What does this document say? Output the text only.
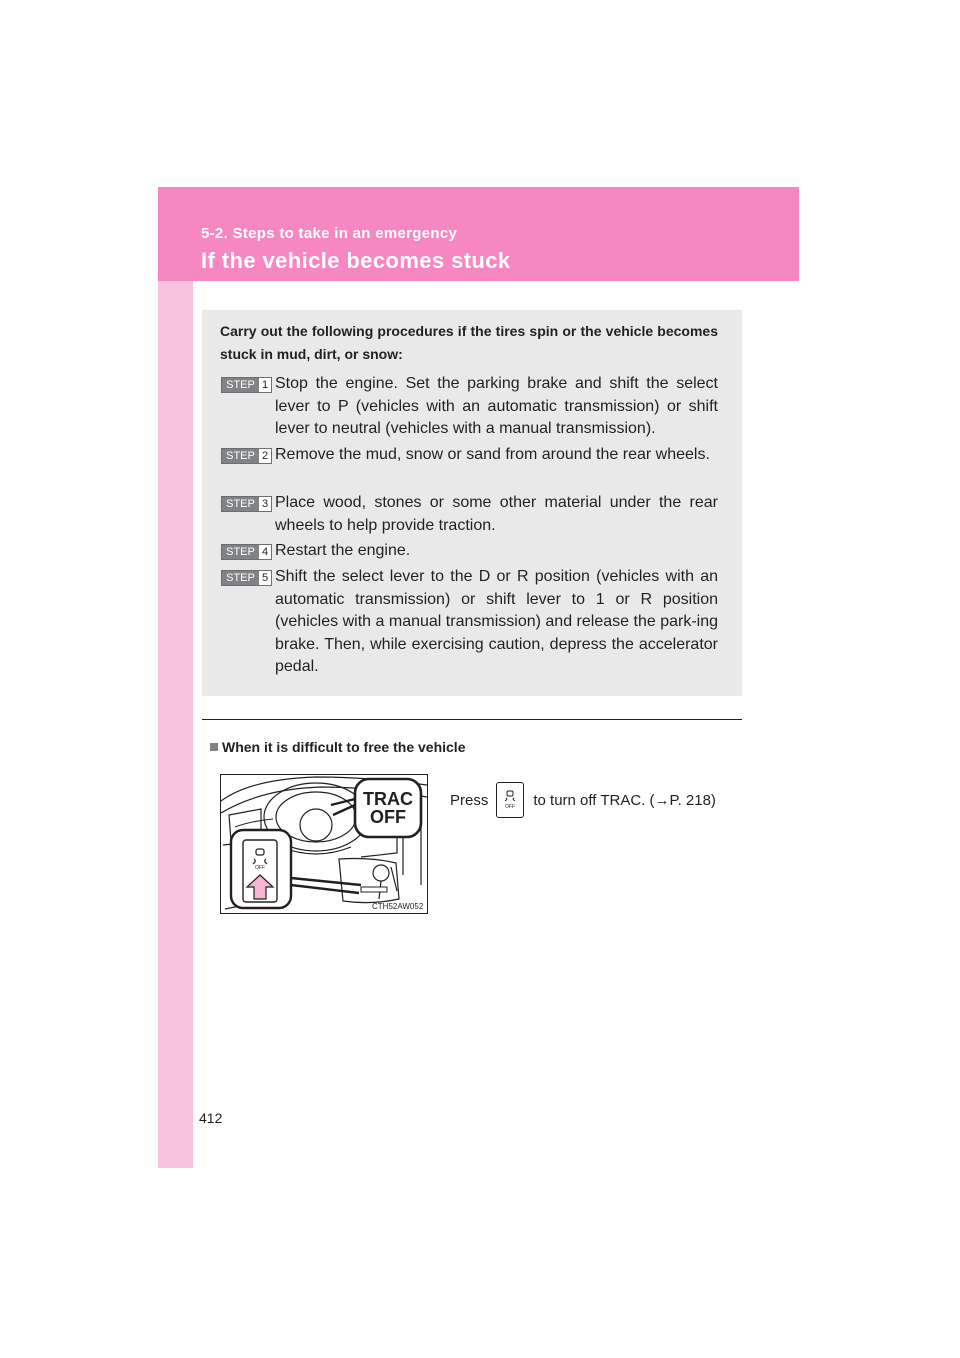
5-2. Steps to take in an emergency
If the vehicle becomes stuck
Carry out the following procedures if the tires spin or the vehicle becomes stuck in mud, dirt, or snow:
STEP 1 Stop the engine. Set the parking brake and shift the select lever to P (vehicles with an automatic transmission) or shift lever to neutral (vehicles with a manual transmission).
STEP 2 Remove the mud, snow or sand from around the rear wheels.
STEP 3 Place wood, stones or some other material under the rear wheels to help provide traction.
STEP 4 Restart the engine.
STEP 5 Shift the select lever to the D or R position (vehicles with an automatic transmission) or shift lever to 1 or R position (vehicles with a manual transmission) and release the park-ing brake. Then, while exercising caution, depress the accelerator pedal.
When it is difficult to free the vehicle
TRAC
OFF
OFF
CTH52AW052
Press	OFF to turn off TRAC. (→P. 218)
412
